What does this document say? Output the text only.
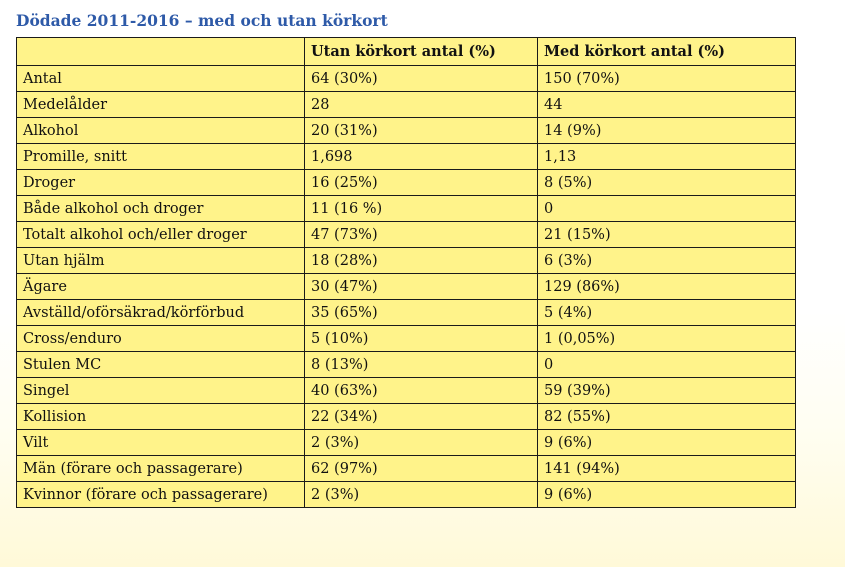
Dödade 2011-2016 – med och utan körkort
	Utan körkort antal (%)	Med körkort antal (%)
Antal	64 (30%)	150 (70%)
Medelålder	28	44
Alkohol	20 (31%)	14 (9%)
Promille, snitt	1,698	1,13
Droger	16 (25%)	8 (5%)
Både alkohol och droger	11 (16 %)	0
Totalt alkohol och/eller droger	47 (73%)	21 (15%)
Utan hjälm	18 (28%)	6 (3%)
Ägare	30 (47%)	129 (86%)
Avställd/oförsäkrad/körförbud	35 (65%)	5 (4%)
Cross/enduro	5 (10%)	1 (0,05%)
Stulen MC	8 (13%)	0
Singel	40 (63%)	59 (39%)
Kollision	22 (34%)	82 (55%)
Vilt	2 (3%)	9 (6%)
Män (förare och passagerare)	62 (97%)	141 (94%)
Kvinnor (förare och passagerare)	2 (3%)	9 (6%)
